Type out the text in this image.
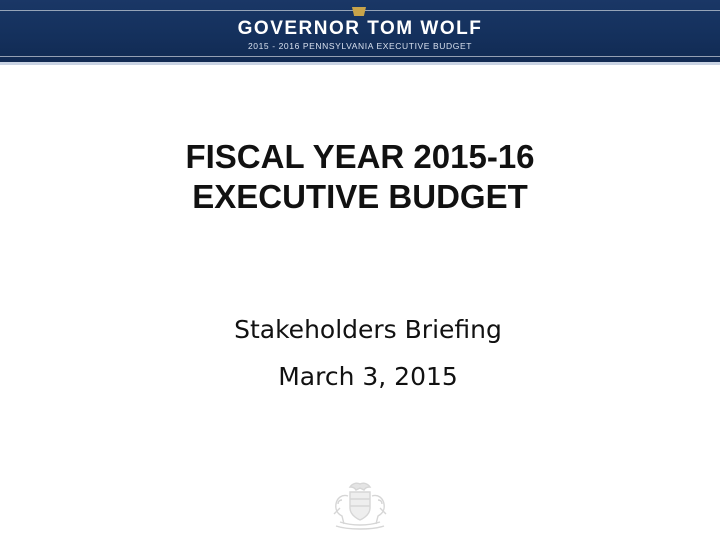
GOVERNOR TOM WOLF
2015 - 2016 PENNSYLVANIA EXECUTIVE BUDGET
FISCAL YEAR 2015-16
EXECUTIVE BUDGET
Stakeholders Briefing
March 3, 2015
